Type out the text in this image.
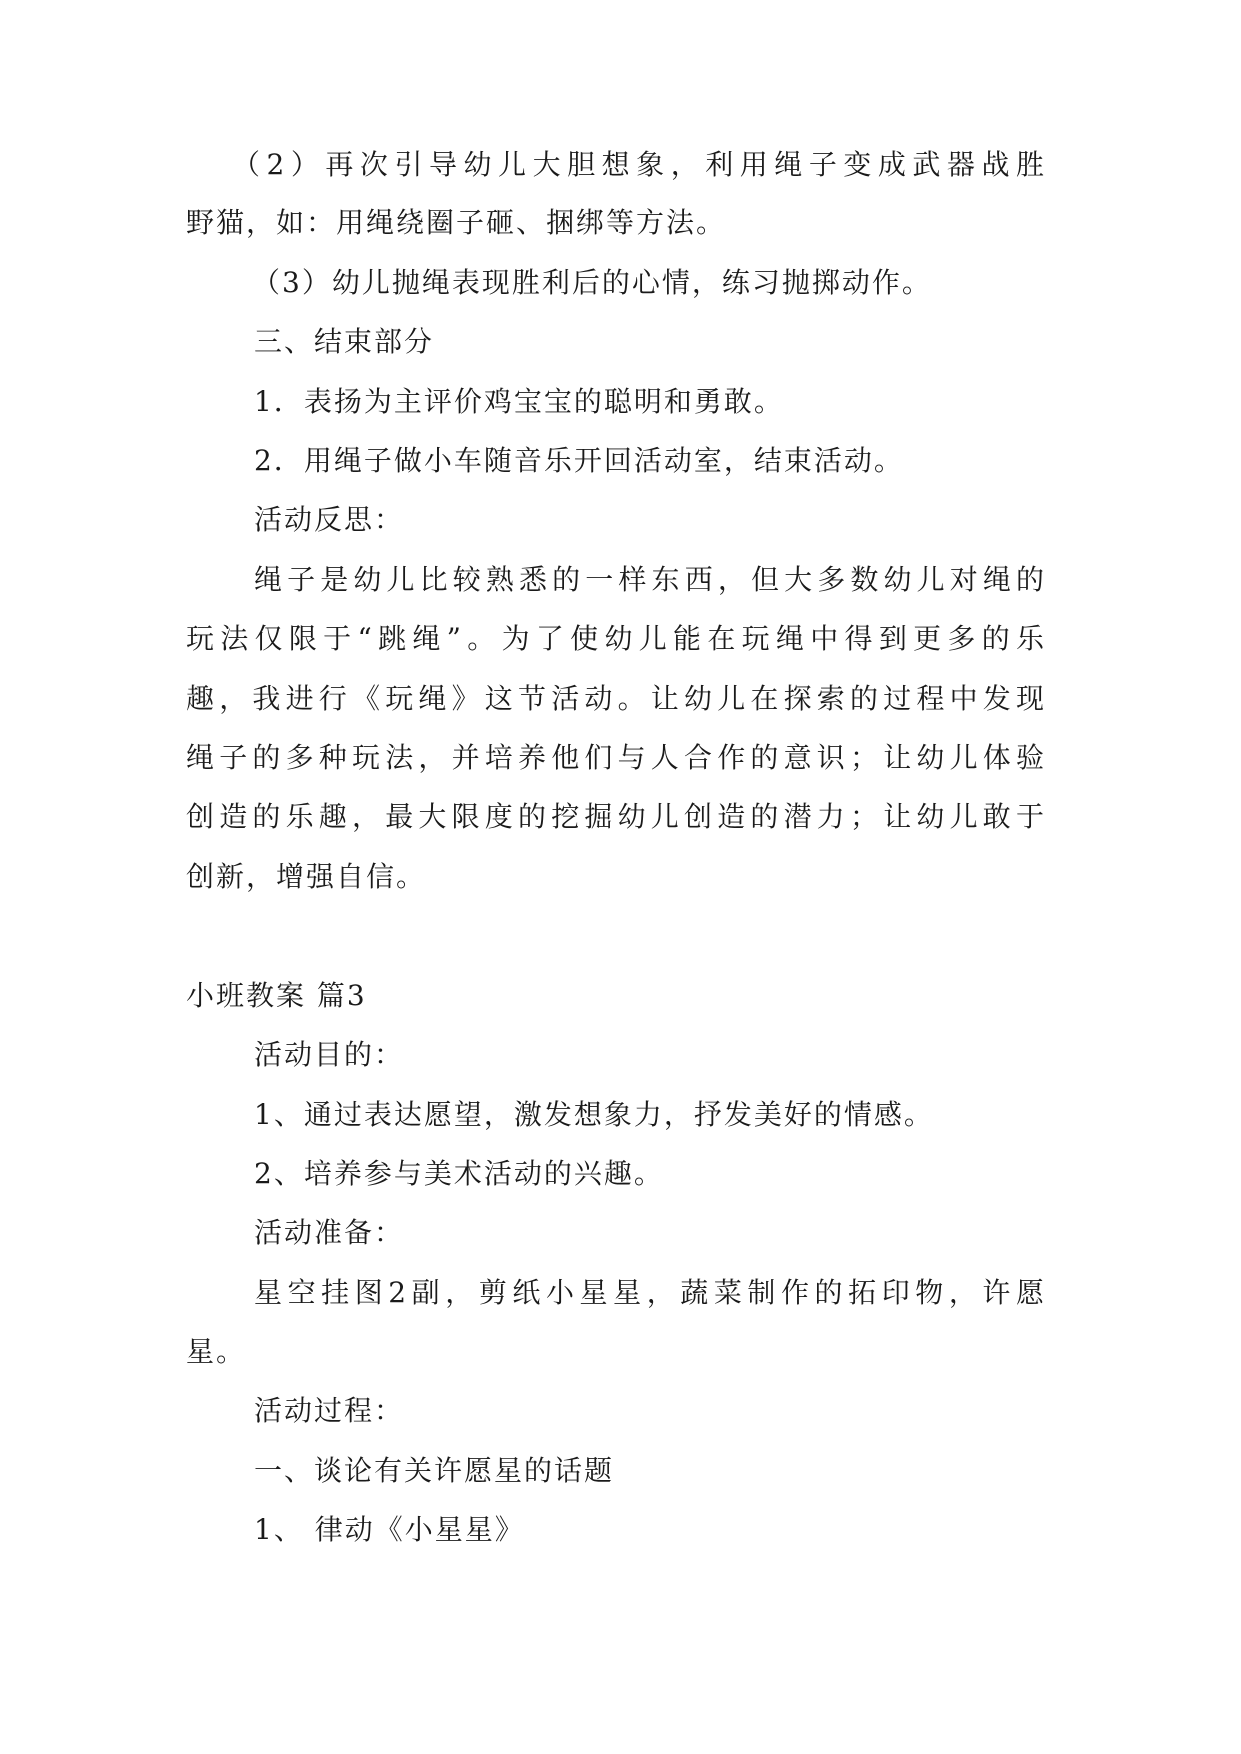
（2）再次引导幼儿大胆想象，利用绳子变成武器战胜
野猫，如：用绳绕圈子砸、捆绑等方法。
（3）幼儿抛绳表现胜利后的心情，练习抛掷动作。
三、结束部分
1．表扬为主评价鸡宝宝的聪明和勇敢。
2．用绳子做小车随音乐开回活动室，结束活动。
活动反思：
绳子是幼儿比较熟悉的一样东西，但大多数幼儿对绳的
玩法仅限于“跳绳”。为了使幼儿能在玩绳中得到更多的乐
趣，我进行《玩绳》这节活动。让幼儿在探索的过程中发现
绳子的多种玩法，并培养他们与人合作的意识；让幼儿体验
创造的乐趣，最大限度的挖掘幼儿创造的潜力；让幼儿敢于
创新，增强自信。
小班教案 篇3
活动目的：
1、通过表达愿望，激发想象力，抒发美好的情感。
2、培养参与美术活动的兴趣。
活动准备：
星空挂图2副，剪纸小星星，蔬菜制作的拓印物，许愿
星。
活动过程：
一、谈论有关许愿星的话题
1、 律动《小星星》
